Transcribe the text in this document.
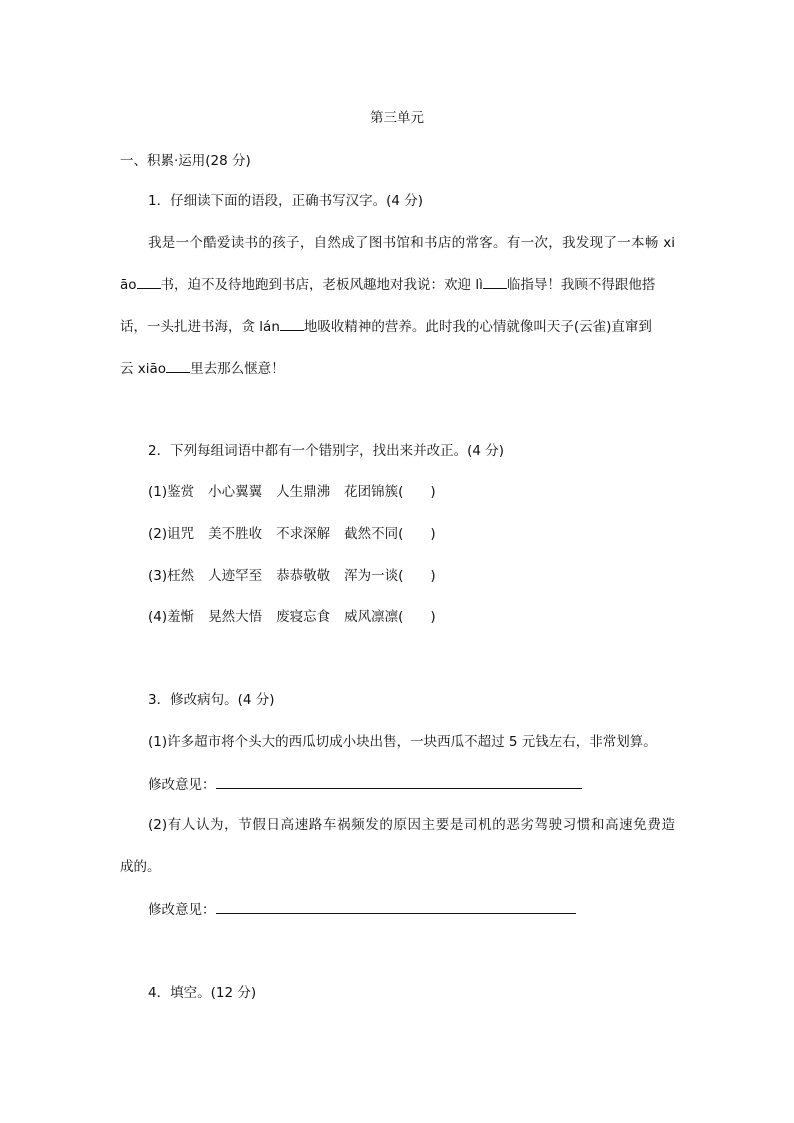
第三单元
一、积累·运用(28 分)
1．仔细读下面的语段，正确书写汉字。(4 分)
我是一个酷爱读书的孩子，自然成了图书馆和书店的常客。有一次，我发现了一本畅 xi
āo 书，迫不及待地跑到书店，老板风趣地对我说：欢迎 lì 临指导！我顾不得跟他搭
话，一头扎进书海，贪 lán 地吸收精神的营养。此时我的心情就像叫天子(云雀)直窜到
云 xiāo 里去那么惬意！
2．下列每组词语中都有一个错别字，找出来并改正。(4 分)
(1)鉴赏 小心翼翼 人生鼎沸 花团锦簇(　　)
(2)诅咒 美不胜收 不求深解 截然不同(　　)
(3)枉然 人迹罕至 恭恭敬敬 浑为一谈(　　)
(4)羞惭 晃然大悟 废寝忘食 威风凛凛(　　)
3．修改病句。(4 分)
(1)许多超市将个头大的西瓜切成小块出售，一块西瓜不超过 5 元钱左右，非常划算。
修改意见：
(2)有人认为，节假日高速路车祸频发的原因主要是司机的恶劣驾驶习惯和高速免费造
成的。
修改意见：
4．填空。(12 分)
